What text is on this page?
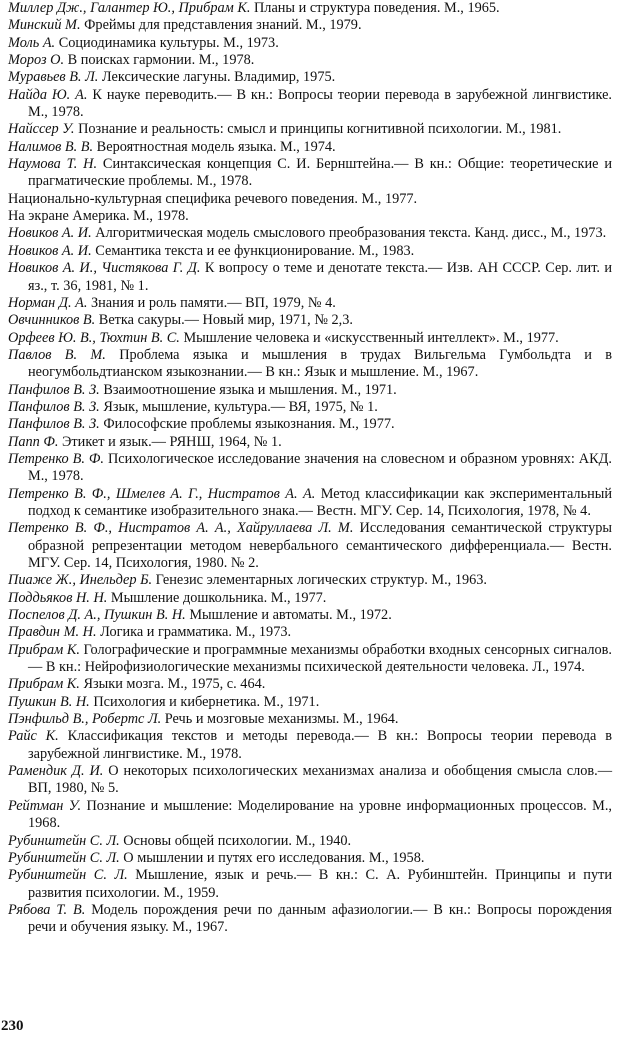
Миллер Дж., Галантер Ю., Прибрам К. Планы и структура поведения. М., 1965.

Минский М. Фреймы для представления знаний. М., 1979.

Моль А. Социодинамика культуры. М., 1973.

Мороз О. В поисках гармонии. М., 1978.

Муравьев В. Л. Лексические лагуны. Владимир, 1975.

Найда Ю. А. К науке переводить.— В кн.: Вопросы теории перевода в зарубежной лингвистике. М., 1978.

Найссер У. Познание и реальность: смысл и принципы когнитивной психологии. М., 1981.

Налимов В. В. Вероятностная модель языка. М., 1974.

Наумова Т. Н. Синтаксическая концепция С. И. Бернштейна.— В кн.: Общие: теоретические и прагматические проблемы. М., 1978.

Национально-культурная специфика речевого поведения. М., 1977.

На экране Америка. М., 1978.

Новиков А. И. Алгоритмическая модель смыслового преобразования текста. Канд. дисс., М., 1973.

Новиков А. И. Семантика текста и ее функционирование. М., 1983.

Новиков А. И., Чистякова Г. Д. К вопросу о теме и денотате текста.— Изв. АН СССР. Сер. лит. и яз., т. 36, 1981, № 1.

Норман Д. А. Знания и роль памяти.— ВП, 1979, № 4.

Овчинников В. Ветка сакуры.— Новый мир, 1971, № 2,3.

Орфеев Ю. В., Тюхтин В. С. Мышление человека и «искусственный интеллект». М., 1977.

Павлов В. М. Проблема языка и мышления в трудах Вильгельма Гумбольдта и в неогумбольдтианском языкознании.— В кн.: Язык и мышление. М., 1967.

Панфилов В. З. Взаимоотношение языка и мышления. М., 1971.

Панфилов В. З. Язык, мышление, культура.— ВЯ, 1975, № 1.

Панфилов В. З. Философские проблемы языкознания. М., 1977.

Папп Ф. Этикет и язык.— РЯНШ, 1964, № 1.

Петренко В. Ф. Психологическое исследование значения на словесном и образном уровнях: АКД. М., 1978.

Петренко В. Ф., Шмелев А. Г., Нистратов А. А. Метод классификации как экспериментальный подход к семантике изобразительного знака.— Вестн. МГУ. Сер. 14, Психология, 1978, № 4.

Петренко В. Ф., Нистратов А. А., Хайруллаева Л. М. Исследования семантической структуры образной репрезентации методом невербального семантического дифференциала.— Вестн. МГУ. Сер. 14, Психология, 1980. № 2.

Пиаже Ж., Инельдер Б. Генезис элементарных логических структур. М., 1963.

Поддьяков Н. Н. Мышление дошкольника. М., 1977.

Поспелов Д. А., Пушкин В. Н. Мышление и автоматы. М., 1972.

Правдин М. Н. Логика и грамматика. М., 1973.

Прибрам К. Голографические и программные механизмы обработки входных сенсорных сигналов.— В кн.: Нейрофизиологические механизмы психической деятельности человека. Л., 1974.

Прибрам К. Языки мозга. М., 1975, с. 464.

Пушкин В. Н. Психология и кибернетика. М., 1971.

Пэнфильд В., Робертс Л. Речь и мозговые механизмы. М., 1964.

Райс К. Классификация текстов и методы перевода.— В кн.: Вопросы теории перевода в зарубежной лингвистике. М., 1978.

Рамендик Д. И. О некоторых психологических механизмах анализа и обобщения смысла слов.— ВП, 1980, № 5.

Рейтман У. Познание и мышление: Моделирование на уровне информационных процессов. М., 1968.

Рубинштейн С. Л. Основы общей психологии. М., 1940.

Рубинштейн С. Л. О мышлении и путях его исследования. М., 1958.

Рубинштейн С. Л. Мышление, язык и речь.— В кн.: С. А. Рубинштейн. Принципы и пути развития психологии. М., 1959.

Рябова Т. В. Модель порождения речи по данным афазиологии.— В кн.: Вопросы порождения речи и обучения языку. М., 1967.

230
